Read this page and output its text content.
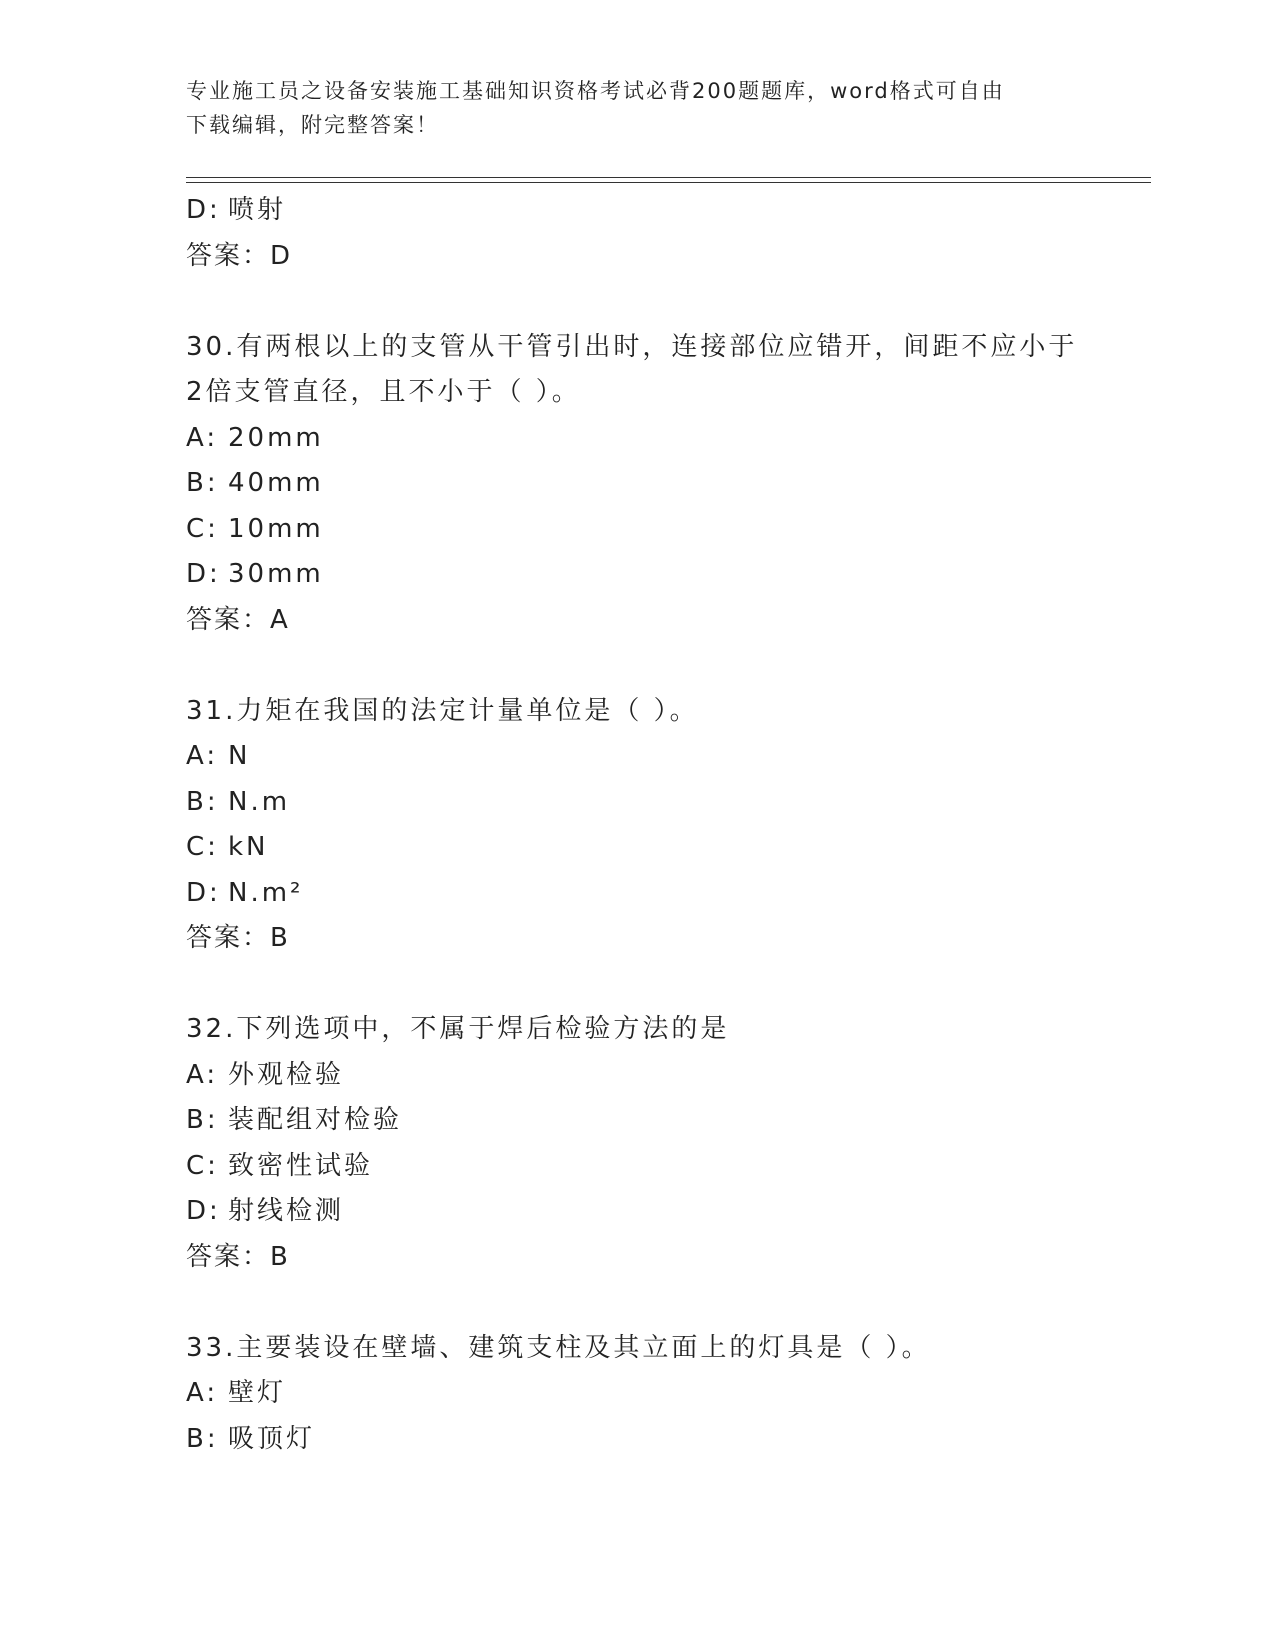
专业施工员之设备安装施工基础知识资格考试必背200题题库，word格式可自由
下载编辑，附完整答案！
D: 喷射
答案：D
30.有两根以上的支管从干管引出时，连接部位应错开，间距不应小于
2倍支管直径，且不小于（ ）。
A: 20mm
B: 40mm
C: 10mm
D: 30mm
答案：A
31.力矩在我国的法定计量单位是（ ）。
A: N
B: N.m
C: kN
D: N.m²
答案：B
32.下列选项中，不属于焊后检验方法的是
A: 外观检验
B: 装配组对检验
C: 致密性试验
D: 射线检测
答案：B
33.主要装设在壁墙、建筑支柱及其立面上的灯具是（ ）。
A: 壁灯
B: 吸顶灯
